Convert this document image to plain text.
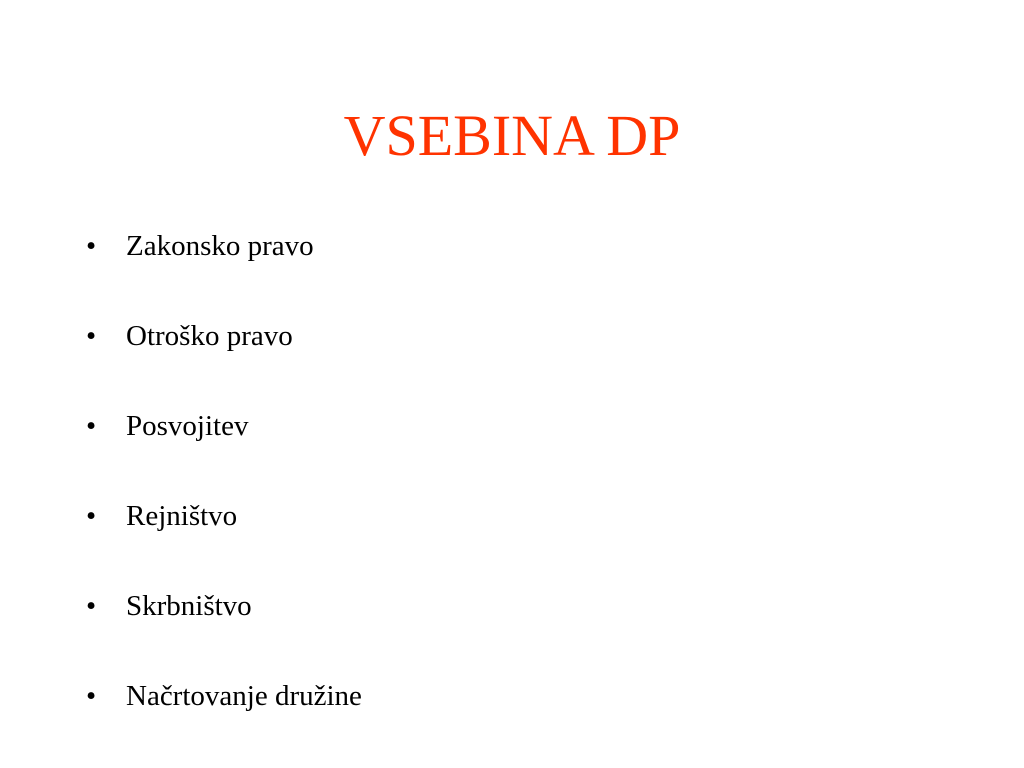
VSEBINA DP
• Zakonsko pravo
• Otroško pravo
• Posvojitev
• Rejništvo
• Skrbništvo
• Načrtovanje družine
